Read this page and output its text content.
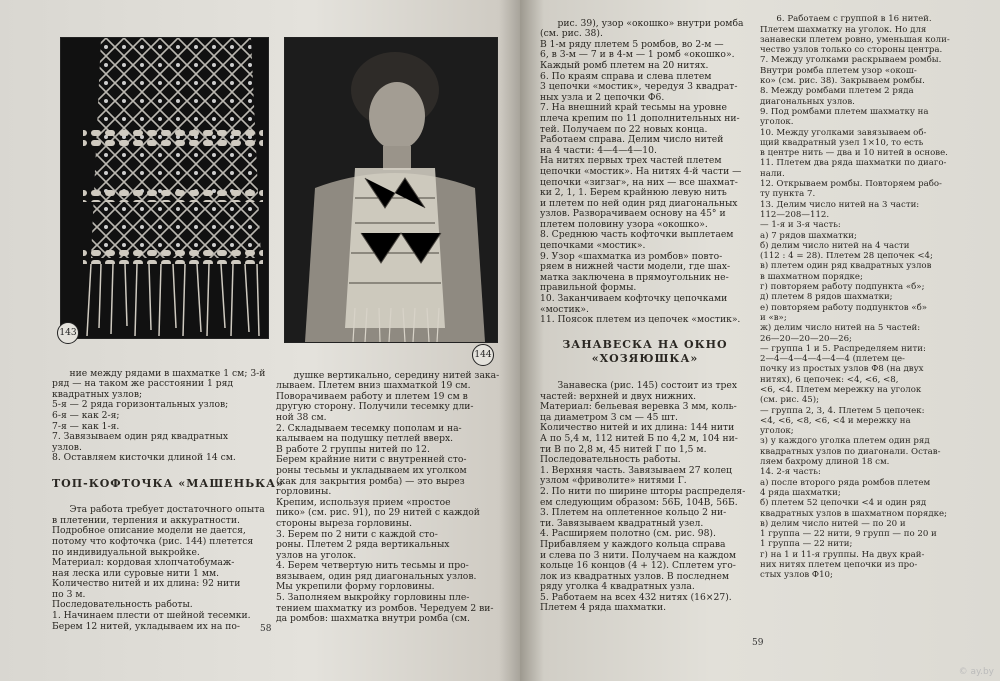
143
144

ние между рядами в шахматке 1 см; 3-й
ряд — на таком же расстоянии 1 ряд
квадратных узлов;
5-я — 2 ряда горизонтальных узлов;
6-я — как 2-я;
7-я — как 1-я.
7. Завязываем один ряд квадратных
узлов.
8. Оставляем кисточки длиной 14 см.

ТОП-КОФТОЧКА «МАШЕНЬКА»

Эта работа требует достаточного опыта
в плетении, терпения и аккуратности.
Подробное описание модели не дается,
потому что кофточка (рис. 144) плетется
по индивидуальной выкройке.
Материал: кордовая хлопчатобумаж-
ная леска или суровые нити 1 мм.
Количество нитей и их длина: 92 нити
по 3 м.
Последовательность работы.
1. Начинаем плести от шейной тесемки.
Берем 12 нитей, укладываем их на по-

душке вертикально, середину нитей зака-
лываем. Плетем вниз шахматкой 19 см.
Поворачиваем работу и плетем 19 см в
другую сторону. Получили тесемку дли-
ной 38 см.
2. Складываем тесемку пополам и на-
калываем на подушку петлей вверх.
В работе 2 группы нитей по 12.
Берем крайние нити с внутренней сто-
роны тесьмы и укладываем их уголком
(как для закрытия ромба) — это вырез
горловины.
Крепим, используя прием «простое
пико» (см. рис. 91), по 29 нитей с каждой
стороны выреза горловины.
3. Берем по 2 нити с каждой сто-
роны. Плетем 2 ряда вертикальных
узлов на уголок.
4. Берем четвертую нить тесьмы и про-
вязываем, один ряд диагональных узлов.
Мы укрепили форму горловины.
5. Заполняем выкройку горловины пле-
тением шахматку из ромбов. Чередуем 2 ви-
да ромбов: шахматка внутри ромба (см.

58

рис. 39), узор «окошко» внутри ромба
(см. рис. 38).
В 1-м ряду плетем 5 ромбов, во 2-м —
6, в 3-м — 7 и в 4-м — 1 ромб «окошко».
Каждый ромб плетем на 20 нитях.
6. По краям справа и слева плетем
3 цепочки «мостик», чередуя 3 квадрат-
ных узла и 2 цепочки Ф6.
7. На внешний край тесьмы на уровне
плеча крепим по 11 дополнительных ни-
тей. Получаем по 22 новых конца.
Работаем справа. Делим число нитей
на 4 части: 4—4—4—10.
На нитях первых трех частей плетем
цепочки «мостик». На нитях 4-й части —
цепочки «зигзаг», на них — все шахмат-
ки 2, 1, 1. Берем крайнюю левую нить
и плетем по ней один ряд диагональных
узлов. Разворачиваем основу на 45° и
плетем половину узора «окошко».
8. Среднюю часть кофточки выплетаем
цепочками «мостик».
9. Узор «шахматка из ромбов» повто-
ряем в нижней части модели, где шах-
матка заключена в прямоугольник не-
правильной формы.
10. Заканчиваем кофточку цепочками
«мостик».
11. Поясок плетем из цепочек «мостик».

ЗАНАВЕСКА НА ОКНО
«ХОЗЯЮШКА»

Занавеска (рис. 145) состоит из трех
частей: верхней и двух нижних.
Материал: бельевая веревка 3 мм, коль-
ца диаметром 3 см — 45 шт.
Количество нитей и их длина: 144 нити
А по 5,4 м, 112 нитей Б по 4,2 м, 104 ни-
ти В по 2,8 м, 45 нитей Г по 1,5 м.
Последовательность работы.
1. Верхняя часть. Завязываем 27 колец
узлом «фриволите» нитями Г.
2. По нити по ширине шторы распределя-
ем следующим образом: 56Б, 104В, 56Б.
3. Плетем на оплетенное кольцо 2 ни-
ти. Завязываем квадратный узел.
4. Расширяем полотно (см. рис. 98).
Прибавляем у каждого кольца справа
и слева по 3 нити. Получаем на каждом
кольце 16 концов (4 + 12). Сплетем уго-
лок из квадратных узлов. В последнем
ряду уголка 4 квадратных узла.
5. Работаем на всех 432 нитях (16×27).
Плетем 4 ряда шахматки.

6. Работаем с группой в 16 нитей.
Плетем шахматку на уголок. Но для
занавески плетем ровно, уменьшая коли-
чество узлов только со стороны центра.
7. Между уголками раскрываем ромбы.
Внутри ромба плетем узор «окош-
ко» (см. рис. 38). Закрываем ромбы.
8. Между ромбами плетем 2 ряда
диагональных узлов.
9. Под ромбами плетем шахматку на
уголок.
10. Между уголками завязываем об-
щий квадратный узел 1×10, то есть
в центре нить — два и 10 нитей в основе.
11. Плетем два ряда шахматки по диаго-
нали.
12. Открываем ромбы. Повторяем рабо-
ту пункта 7.
13. Делим число нитей на 3 части:
112—208—112.
— 1-я и 3-я часть:
а) 7 рядов шахматки;
б) делим число нитей на 4 части
(112 : 4 = 28). Плетем 28 цепочек <4;
в) плетем один ряд квадратных узлов
в шахматном порядке;
г) повторяем работу подпункта «б»;
д) плетем 8 рядов шахматки;
е) повторяем работу подпунктов «б»
и «в»;
ж) делим число нитей на 5 частей:
26—20—20—20—26;
— группа 1 и 5. Распределяем нити:
2—4—4—4—4—4—4 (плетем це-
почку из простых узлов Ф8 (на двух
нитях), 6 цепочек: <4, <6, <8,
<6, <4. Плетем мережку на уголок
(см. рис. 45);
— группа 2, 3, 4. Плетем 5 цепочек:
<4, <6, <8, <6, <4 и мережку на
уголок;
з) у каждого уголка плетем один ряд
квадратных узлов по диагонали. Остав-
ляем бахрому длиной 18 см.
14. 2-я часть:
а) после второго ряда ромбов плетем
4 ряда шахматки;
б) плетем 52 цепочки <4 и один ряд
квадратных узлов в шахматном порядке;
в) делим число нитей — по 20 и
1 группа — 22 нити, 9 групп — по 20 и
1 группа — 22 нити;
г) на 1 и 11-я группы. На двух край-
них нитях плетем цепочки из про-
стых узлов Ф10;

59
© ay.by
